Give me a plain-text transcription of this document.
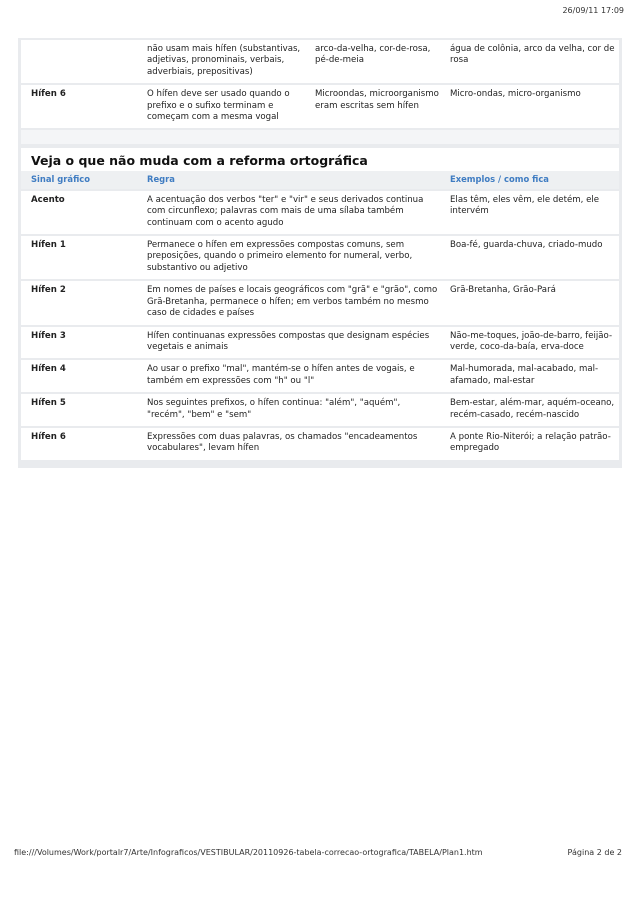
26/09/11 17:09
	não usam mais hífen (substantivas, adjetivas, pronominais, verbais, adverbiais, prepositivas)	arco-da-velha, cor-de-rosa, pé-de-meia	água de colônia, arco da velha, cor de rosa
Hífen 6	O hífen deve ser usado quando o prefixo e o sufixo terminam e começam com a mesma vogal	Microondas, microorganismo eram escritas sem hífen	Micro-ondas, micro-organismo

Veja o que não muda com a reforma ortográfica
Sinal gráfico	Regra	Exemplos / como fica
Acento	A acentuação dos verbos "ter" e "vir" e seus derivados continua com circunflexo; palavras com mais de uma sílaba também continuam com o acento agudo	Elas têm, eles vêm, ele detém, ele intervém
Hífen 1	Permanece o hífen em expressões compostas comuns, sem preposições, quando o primeiro elemento for numeral, verbo, substantivo ou adjetivo	Boa-fé, guarda-chuva, criado-mudo
Hífen 2	Em nomes de países e locais geográficos com "grã" e "grão", como Grã-Bretanha, permanece o hífen; em verbos também no mesmo caso de cidades e países	Grã-Bretanha, Grão-Pará
Hífen 3	Hífen continuanas expressões compostas que designam espécies vegetais e animais	Não-me-toques, joão-de-barro, feijão-verde, coco-da-baía, erva-doce
Hífen 4	Ao usar o prefixo "mal", mantém-se o hífen antes de vogais, e também em expressões com "h" ou "l"	Mal-humorada, mal-acabado, mal-afamado, mal-estar
Hífen 5	Nos seguintes prefixos, o hífen continua: "além", "aquém", "recém", "bem" e "sem"	Bem-estar, além-mar, aquém-oceano, recém-casado, recém-nascido
Hífen 6	Expressões com duas palavras, os chamados "encadeamentos vocabulares", levam hífen	A ponte Rio-Niterói; a relação patrão-empregado
file:///Volumes/Work/portalr7/Arte/Infograficos/VESTIBULAR/20110926-tabela-correcao-ortografica/TABELA/Plan1.htm	Página 2 de 2
